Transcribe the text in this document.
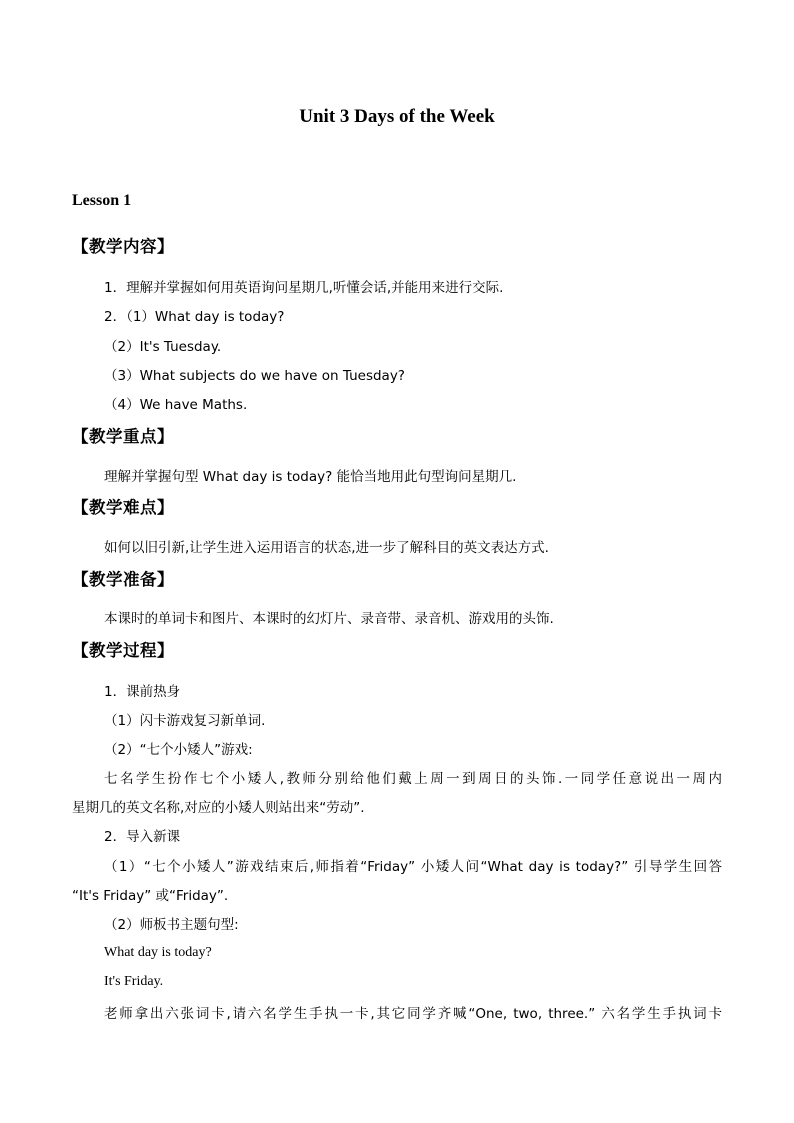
Unit 3 Days of the Week
Lesson 1
【教学内容】
1．理解并掌握如何用英语询问星期几,听懂会话,并能用来进行交际.
2．（1）What day is today?
（2）It's Tuesday.
（3）What subjects do we have on Tuesday?
（4）We have Maths.
【教学重点】
理解并掌握句型 What day is today? 能恰当地用此句型询问星期几.
【教学难点】
如何以旧引新,让学生进入运用语言的状态,进一步了解科目的英文表达方式.
【教学准备】
本课时的单词卡和图片、本课时的幻灯片、录音带、录音机、游戏用的头饰.
【教学过程】
1．课前热身
（1）闪卡游戏复习新单词.
（2）“七个小矮人”游戏:
七名学生扮作七个小矮人,教师分别给他们戴上周一到周日的头饰.一同学任意说出一周内
星期几的英文名称,对应的小矮人则站出来“劳动”.
2．导入新课
（1）“七个小矮人”游戏结束后,师指着“Friday” 小矮人问“What day is today?” 引导学生回答
“It's Friday” 或“Friday”.
（2）师板书主题句型:
What day is today?
It's Friday.
老师拿出六张词卡,请六名学生手执一卡,其它同学齐喊“One, two, three.” 六名学生手执词卡
